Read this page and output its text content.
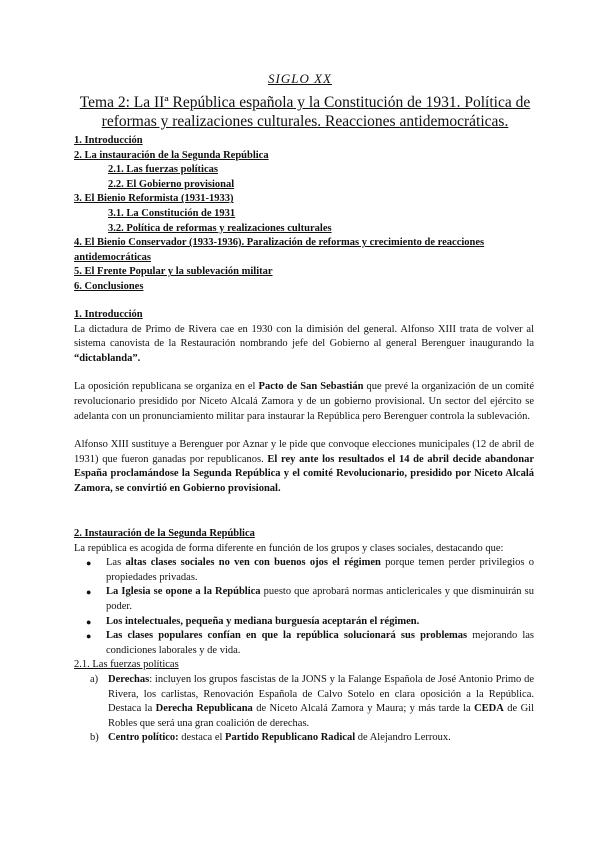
SIGLO XX
Tema 2: La IIª República española y la Constitución de 1931. Política de reformas y realizaciones culturales. Reacciones antidemocráticas.
1. Introducción
2. La instauración de la Segunda República
2.1. Las fuerzas políticas
2.2. El Gobierno provisional
3. El Bienio Reformista (1931-1933)
3.1. La Constitución de 1931
3.2. Política de reformas y realizaciones culturales
4. El Bienio Conservador (1933-1936). Paralización de reformas y crecimiento de reacciones antidemocráticas
5. El Frente Popular y la sublevación militar
6. Conclusiones
1. Introducción

La dictadura de Primo de Rivera cae en 1930 con la dimisión del general. Alfonso XIII trata de volver al sistema canovista de la Restauración nombrando jefe del Gobierno al general Berenguer inaugurando la “dictablanda”.

La oposición republicana se organiza en el Pacto de San Sebastián que prevé la organización de un comité revolucionario presidido por Niceto Alcalá Zamora y de un gobierno provisional. Un sector del ejército se adelanta con un pronunciamiento militar para instaurar la República pero Berenguer controla la sublevación.

Alfonso XIII sustituye a Berenguer por Aznar y le pide que convoque elecciones municipales (12 de abril de 1931) que fueron ganadas por republicanos. El rey ante los resultados el 14 de abril decide abandonar España proclamándose la Segunda República y el comité Revolucionario, presidido por Niceto Alcalá Zamora, se convirtió en Gobierno provisional.

2. Instauración de la Segunda República
La república es acogida de forma diferente en función de los grupos y clases sociales, destacando que:
● Las altas clases sociales no ven con buenos ojos el régimen porque temen perder privilegios o propiedades privadas.
● La Iglesia se opone a la República puesto que aprobará normas anticlericales y que disminuirán su poder.
● Los intelectuales, pequeña y mediana burguesía aceptarán el régimen.
● Las clases populares confían en que la república solucionará sus problemas mejorando las condiciones laborales y de vida.
2.1. Las fuerzas políticas
a) Derechas: incluyen los grupos fascistas de la JONS y la Falange Española de José Antonio Primo de Rivera, los carlistas, Renovación Española de Calvo Sotelo en clara oposición a la República. Destaca la Derecha Republicana de Niceto Alcalá Zamora y Maura; y más tarde la CEDA de Gil Robles que será una gran coalición de derechas.
b) Centro político: destaca el Partido Republicano Radical de Alejandro Lerroux.
